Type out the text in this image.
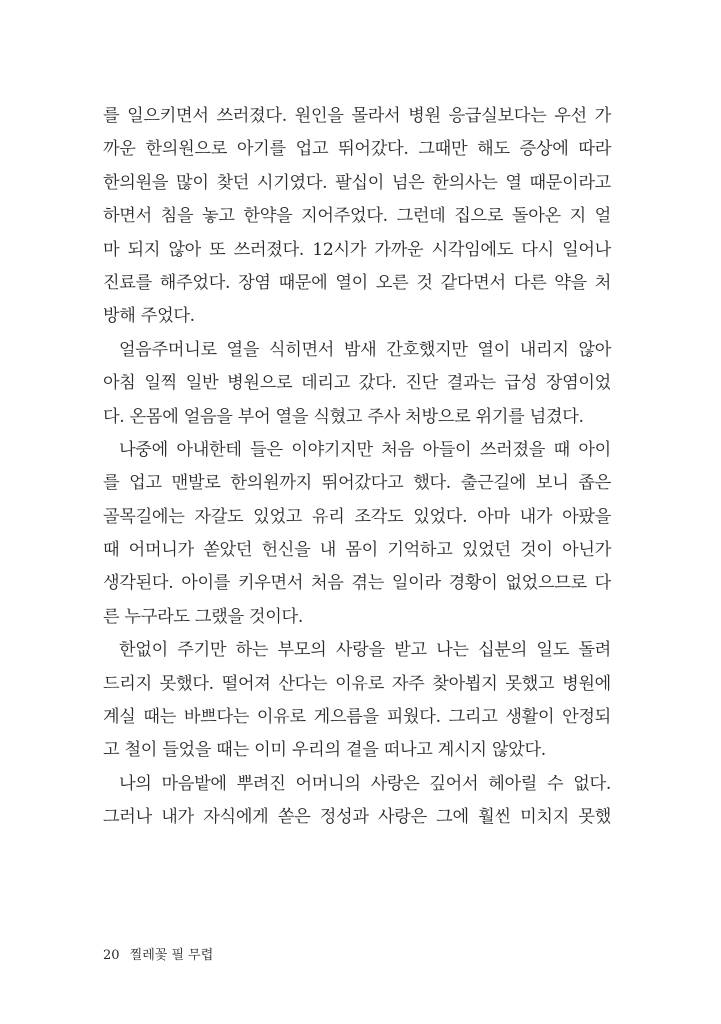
를 일으키면서 쓰러졌다. 원인을 몰라서 병원 응급실보다는 우선 가
까운 한의원으로 아기를 업고 뛰어갔다. 그때만 해도 증상에 따라
한의원을 많이 찾던 시기였다. 팔십이 넘은 한의사는 열 때문이라고
하면서 침을 놓고 한약을 지어주었다. 그런데 집으로 돌아온 지 얼
마 되지 않아 또 쓰러졌다. 12시가 가까운 시각임에도 다시 일어나
진료를 해주었다. 장염 때문에 열이 오른 것 같다면서 다른 약을 처
방해 주었다.
얼음주머니로 열을 식히면서 밤새 간호했지만 열이 내리지 않아
아침 일찍 일반 병원으로 데리고 갔다. 진단 결과는 급성 장염이었
다. 온몸에 얼음을 부어 열을 식혔고 주사 처방으로 위기를 넘겼다.
나중에 아내한테 들은 이야기지만 처음 아들이 쓰러졌을 때 아이
를 업고 맨발로 한의원까지 뛰어갔다고 했다. 출근길에 보니 좁은
골목길에는 자갈도 있었고 유리 조각도 있었다. 아마 내가 아팠을
때 어머니가 쏟았던 헌신을 내 몸이 기억하고 있었던 것이 아닌가
생각된다. 아이를 키우면서 처음 겪는 일이라 경황이 없었으므로 다
른 누구라도 그랬을 것이다.
한없이 주기만 하는 부모의 사랑을 받고 나는 십분의 일도 돌려
드리지 못했다. 떨어져 산다는 이유로 자주 찾아뵙지 못했고 병원에
계실 때는 바쁘다는 이유로 게으름을 피웠다. 그리고 생활이 안정되
고 철이 들었을 때는 이미 우리의 곁을 떠나고 계시지 않았다.
나의 마음밭에 뿌려진 어머니의 사랑은 깊어서 헤아릴 수 없다.
그러나 내가 자식에게 쏟은 정성과 사랑은 그에 훨씬 미치지 못했
20 찔레꽃 필 무렵
